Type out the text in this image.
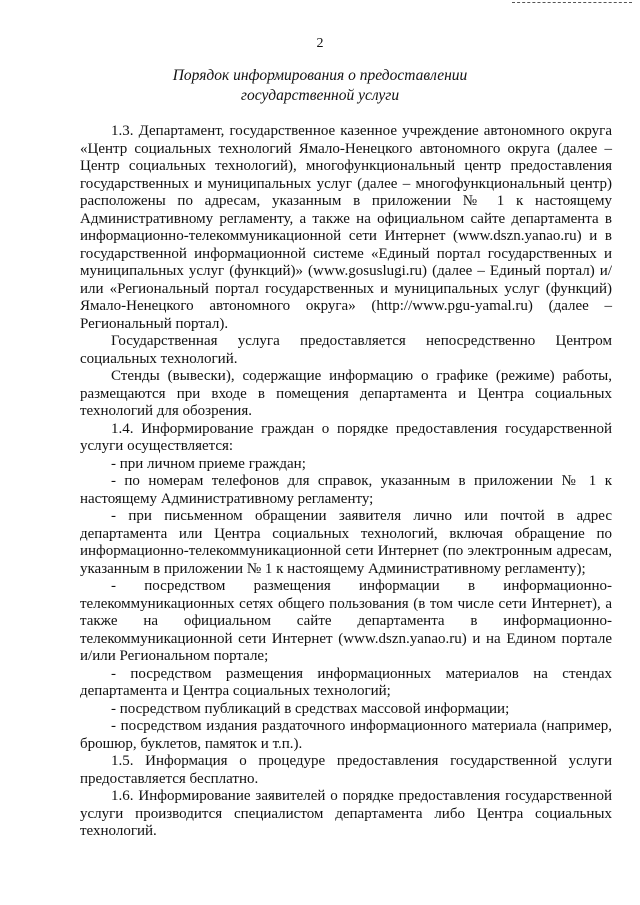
2
Порядок информирования о предоставлении
государственной услуги

1.3. Департамент, государственное казенное учреждение автономного округа «Центр социальных технологий Ямало-Ненецкого автономного округа (далее – Центр социальных технологий), многофункциональный центр предоставления государственных и муниципальных услуг (далее – многофункциональный центр) расположены по адресам, указанным в приложении № 1 к настоящему Административному регламенту, а также на официальном сайте департамента в информационно-телекоммуникационной сети Интернет (www.dszn.yanao.ru) и в государственной информационной системе «Единый портал государственных и муниципальных услуг (функций)» (www.gosuslugi.ru) (далее – Единый портал) и/или «Региональный портал государственных и муниципальных услуг (функций) Ямало-Ненецкого автономного округа» (http://www.pgu-yamal.ru) (далее – Региональный портал).

Государственная услуга предоставляется непосредственно Центром социальных технологий.

Стенды (вывески), содержащие информацию о графике (режиме) работы, размещаются при входе в помещения департамента и Центра социальных технологий для обозрения.

1.4. Информирование граждан о порядке предоставления государственной услуги осуществляется:

- при личном приеме граждан;

- по номерам телефонов для справок, указанным в приложении № 1 к настоящему Административному регламенту;

- при письменном обращении заявителя лично или почтой в адрес департамента или Центра социальных технологий, включая обращение по информационно-телекоммуникационной сети Интернет (по электронным адресам, указанным в приложении № 1 к настоящему Административному регламенту);

- посредством размещения информации в информационно-телекоммуникационных сетях общего пользования (в том числе сети Интернет), а также на официальном сайте департамента в информационно-телекоммуникационной сети Интернет (www.dszn.yanao.ru) и на Едином портале и/или Региональном портале;

- посредством размещения информационных материалов на стендах департамента и Центра социальных технологий;

- посредством публикаций в средствах массовой информации;

- посредством издания раздаточного информационного материала (например, брошюр, буклетов, памяток и т.п.).

1.5. Информация о процедуре предоставления государственной услуги предоставляется бесплатно.

1.6. Информирование заявителей о порядке предоставления государственной услуги производится специалистом департамента либо Центра социальных технологий.
